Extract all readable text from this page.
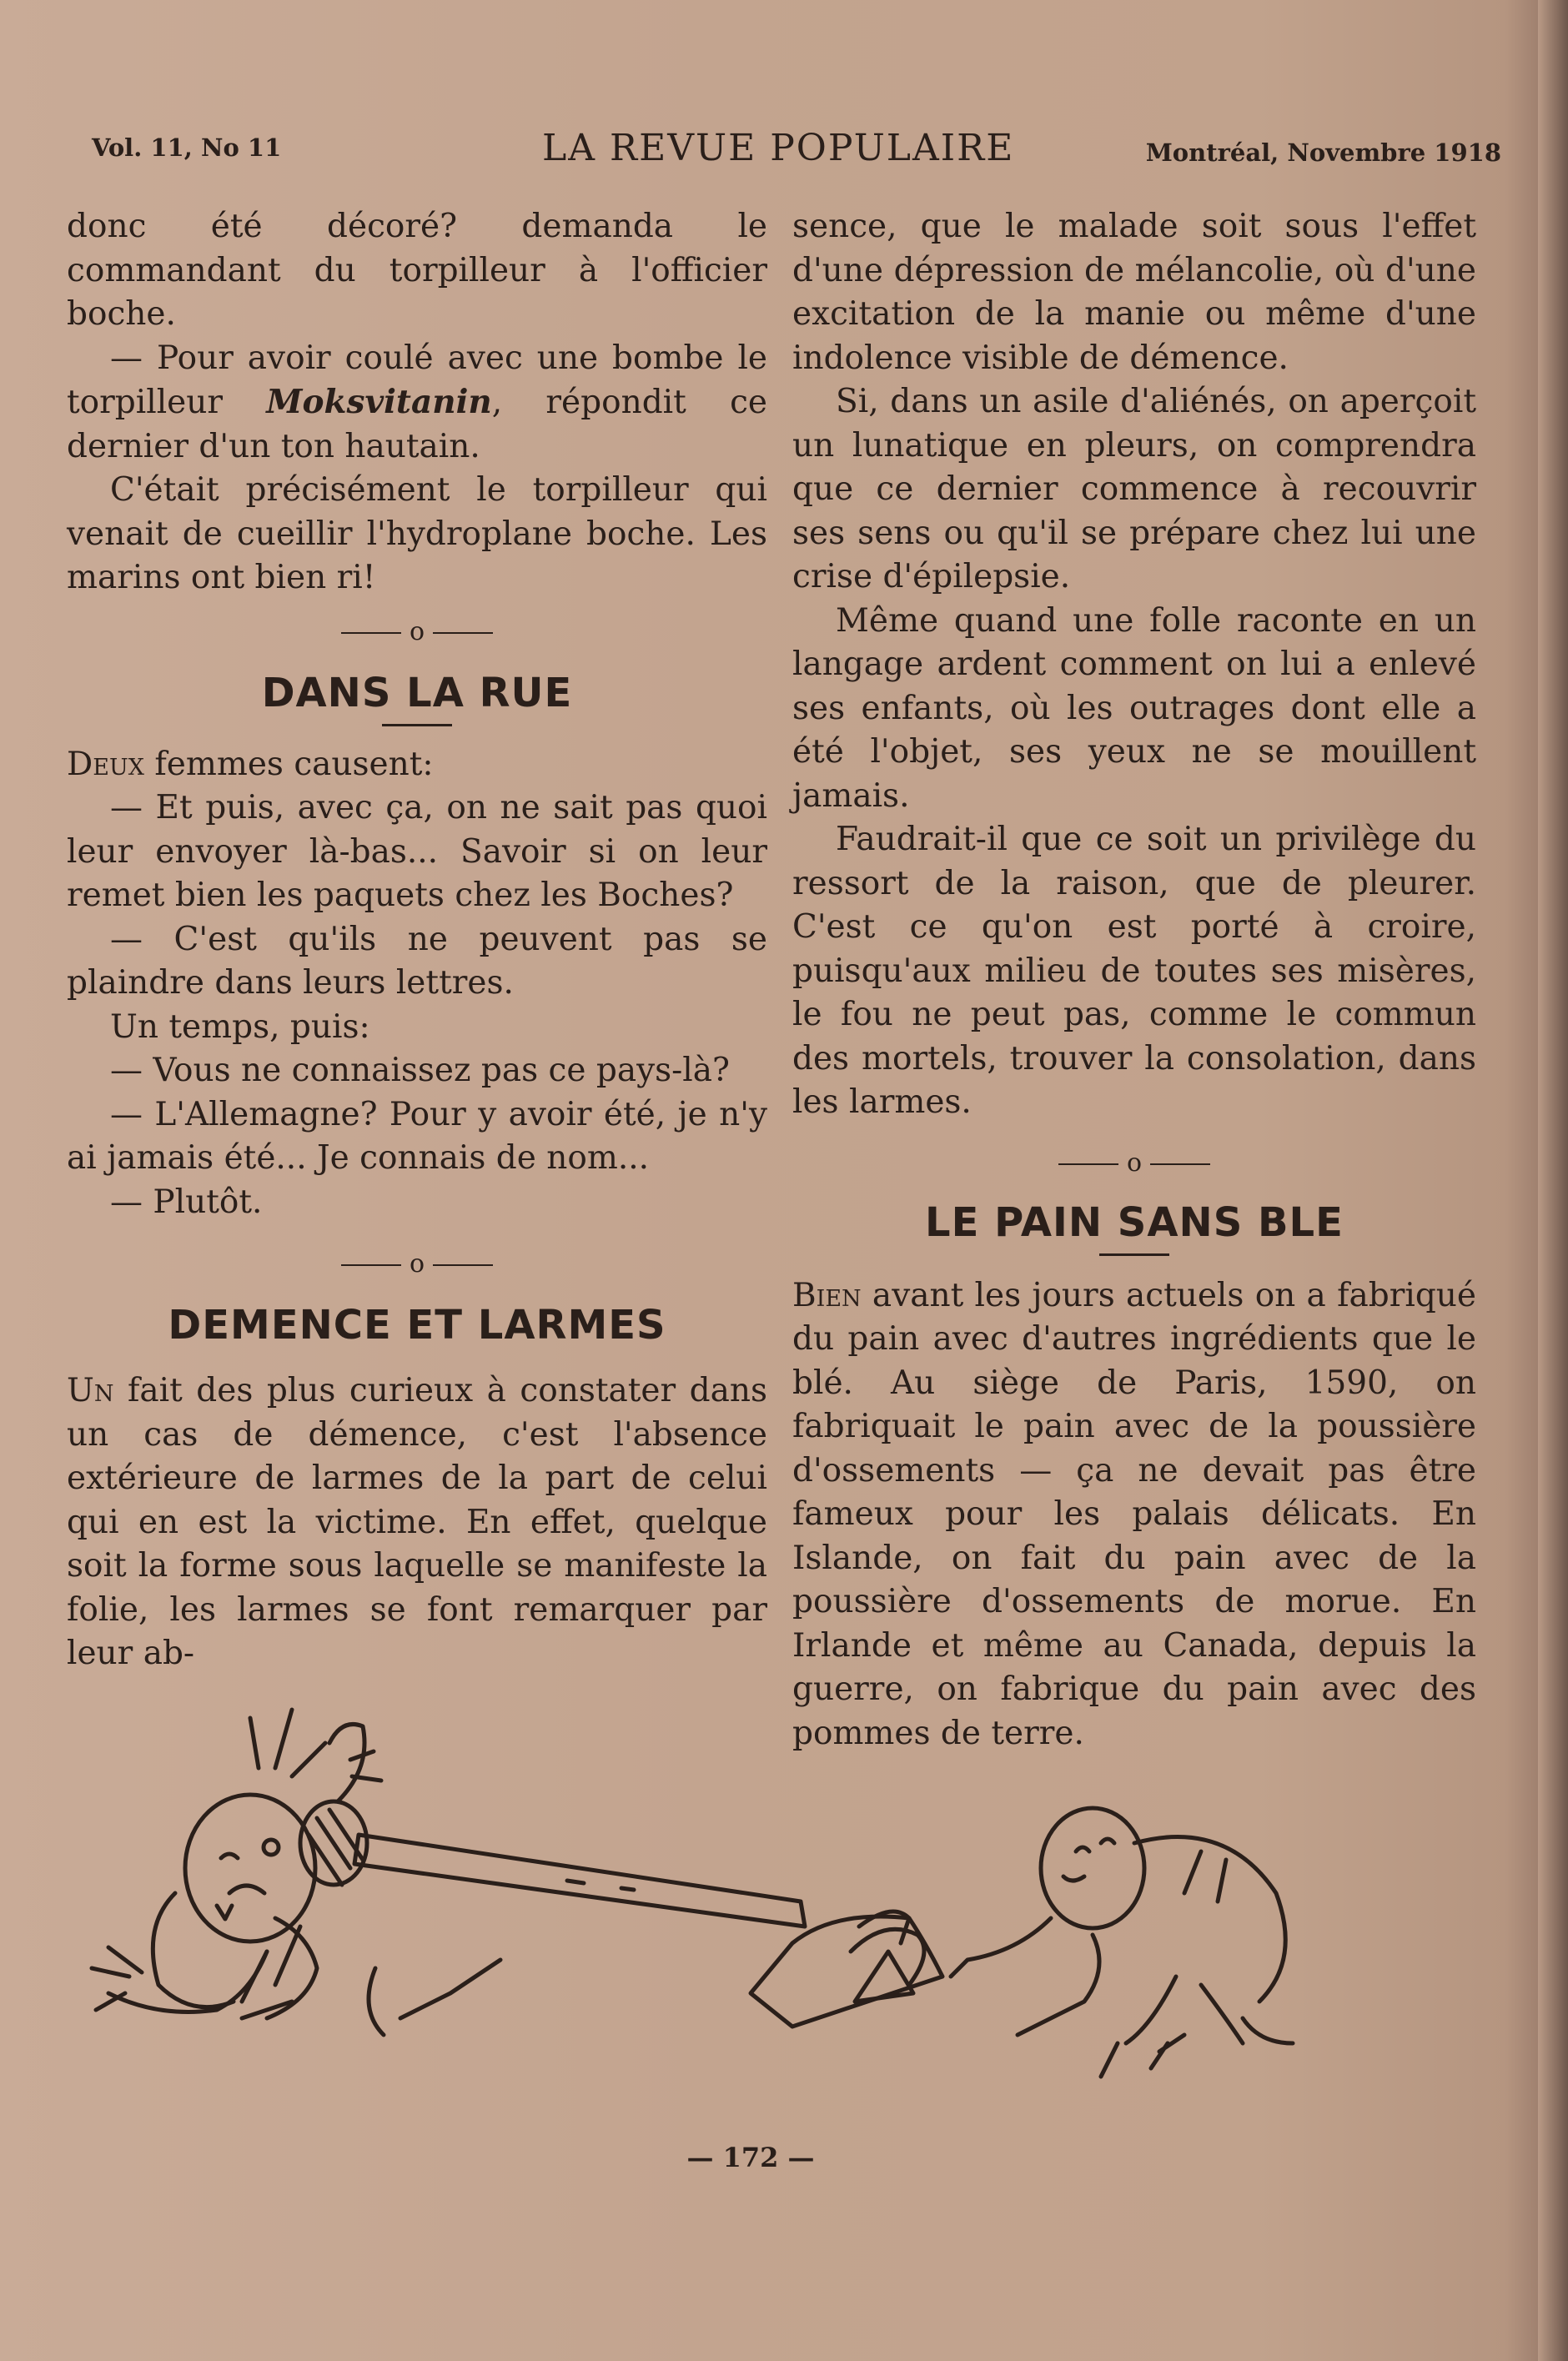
Vol. 11, No 11	LA REVUE POPULAIRE	Montréal, Novembre 1918

donc été décoré? demanda le commandant du torpilleur à l'officier boche.

— Pour avoir coulé avec une bombe le torpilleur Moksvitanin, répondit ce dernier d'un ton hautain.

C'était précisément le torpilleur qui venait de cueillir l'hydroplane boche. Les marins ont bien ri!

o
DANS LA RUE

Deux femmes causent:

— Et puis, avec ça, on ne sait pas quoi leur envoyer là-bas... Savoir si on leur remet bien les paquets chez les Boches?

— C'est qu'ils ne peuvent pas se plaindre dans leurs lettres.

Un temps, puis:

— Vous ne connaissez pas ce pays-là?

— L'Allemagne? Pour y avoir été, je n'y ai jamais été... Je connais de nom...

— Plutôt.

o
DEMENCE ET LARMES

Un fait des plus curieux à constater dans un cas de démence, c'est l'absence extérieure de larmes de la part de celui qui en est la victime. En effet, quelque soit la forme sous laquelle se manifeste la folie, les larmes se font remarquer par leur ab-

sence, que le malade soit sous l'effet d'une dépression de mélancolie, où d'une excitation de la manie ou même d'une indolence visible de démence.

Si, dans un asile d'aliénés, on aperçoit un lunatique en pleurs, on comprendra que ce dernier commence à recouvrir ses sens ou qu'il se prépare chez lui une crise d'épilepsie.

Même quand une folle raconte en un langage ardent comment on lui a enlevé ses enfants, où les outrages dont elle a été l'objet, ses yeux ne se mouillent jamais.

Faudrait-il que ce soit un privilège du ressort de la raison, que de pleurer. C'est ce qu'on est porté à croire, puisqu'aux milieu de toutes ses misères, le fou ne peut pas, comme le commun des mortels, trouver la consolation, dans les larmes.

o
LE PAIN SANS BLE

Bien avant les jours actuels on a fabriqué du pain avec d'autres ingrédients que le blé. Au siège de Paris, 1590, on fabriquait le pain avec de la poussière d'ossements — ça ne devait pas être fameux pour les palais délicats. En Islande, on fait du pain avec de la poussière d'ossements de morue. En Irlande et même au Canada, depuis la guerre, on fabrique du pain avec des pommes de terre.

— 172 —
